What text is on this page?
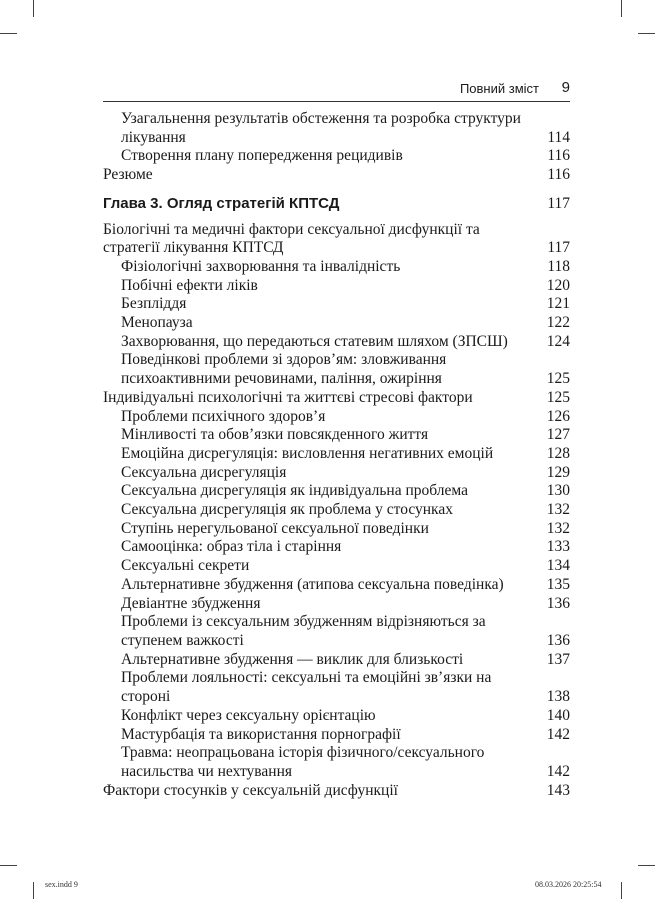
Повний зміст 9
Узагальнення результатів обстеження та розробка структури лікування	114
Створення плану попередження рецидивів	116
Резюме	116
Глава 3. Огляд стратегій КПТСД	117
Біологічні та медичні фактори сексуальної дисфункції та стратегії лікування КПТСД	117
Фізіологічні захворювання та інвалідність	118
Побічні ефекти ліків	120
Безпліддя	121
Менопауза	122
Захворювання, що передаються статевим шляхом (ЗПСШ)	124
Поведінкові проблеми зі здоров’ям: зловживання психоактивними речовинами, паління, ожиріння	125
Індивідуальні психологічні та життєві стресові фактори	125
Проблеми психічного здоров’я	126
Мінливості та обов’язки повсякденного життя	127
Емоційна дисрегуляція: висловлення негативних емоцій	128
Сексуальна дисрегуляція	129
Сексуальна дисрегуляція як індивідуальна проблема	130
Сексуальна дисрегуляція як проблема у стосунках	132
Ступінь нерегульованої сексуальної поведінки	132
Самооцінка: образ тіла і старіння	133
Сексуальні секрети	134
Альтернативне збудження (атипова сексуальна поведінка)	135
Девіантне збудження	136
Проблеми із сексуальним збудженням відрізняються за ступенем важкості	136
Альтернативне збудження — виклик для близькості	137
Проблеми лояльності: сексуальні та емоційні зв’язки на стороні	138
Конфлікт через сексуальну орієнтацію	140
Мастурбація та використання порнографії	142
Травма: неопрацьована історія фізичного/сексуального насильства чи нехтування	142
Фактори стосунків у сексуальній дисфункції	143
sex.indd 9	08.03.2026 20:25:54
